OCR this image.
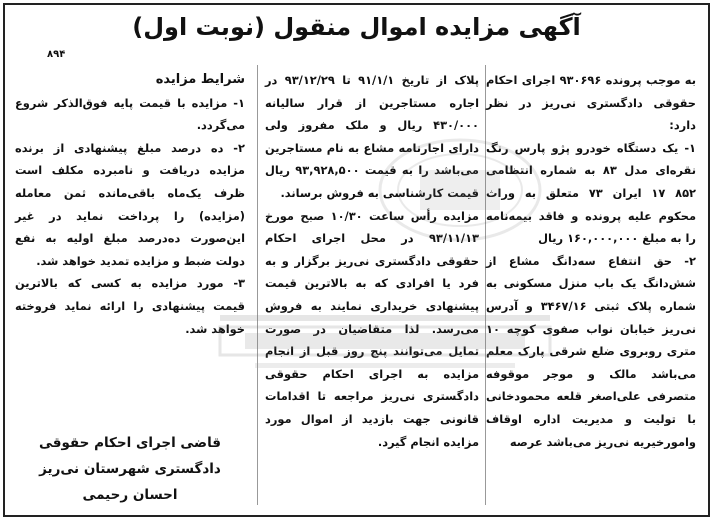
آگهی مزایده اموال منقول (نوبت اول)
۸۹۴

به موجب پرونده ۹۳۰۶۹۶ اجرای احکام حقوقی دادگستری نی‌ریز در نظر دارد:

۱- یک دستگاه خودرو پژو پارس رنگ نقره‌ای مدل ۸۳ به شماره انتظامی ۸۵۲ ۱۷ ایران ۷۳ متعلق به وراث محکوم علیه پرونده و فاقد بیمه‌نامه را به مبلغ ۱۶۰,۰۰۰,۰۰۰ ریال

۲- حق انتفاع سه‌دانگ مشاع از شش‌دانگ یک باب منزل مسکونی به شماره پلاک ثبتی ۳۴۶۷/۱۶ و آدرس نی‌ریز خیابان نواب صفوی کوچه ۱۰ متری روبروی ضلع شرقی پارک معلم می‌باشد مالک و موجر موقوفه متصرفی علی‌اصغر قلعه محمودخانی با تولیت و مدیریت اداره اوقاف وامورخیریه نی‌ریز می‌باشد عرصه

پلاک از تاریخ ۹۱/۱/۱ تا ۹۳/۱۲/۲۹ در اجاره مستاجرین از قرار سالیانه ۴۳۰/۰۰۰ ریال و ملک مفروز ولی دارای اجارنامه مشاع به نام مستاجرین می‌باشد را به قیمت ۹۳,۹۲۸,۵۰۰ ریال قیمت کارشناسی به فروش برساند.

مزایده رأس ساعت ۱۰/۳۰ صبح مورخ ۹۳/۱۱/۱۳ در محل اجرای احکام حقوقی دادگستری نی‌ریز برگزار و به فرد یا افرادی که به بالاترین قیمت پیشنهادی خریداری نمایند به فروش می‌رسد. لذا متقاضیان در صورت تمایل می‌توانند پنج روز قبل از انجام مزایده به اجرای احکام حقوقی دادگستری نی‌ریز مراجعه تا اقدامات قانونی جهت بازدید از اموال مورد مزایده انجام گیرد.

شرایط مزایده

۱- مزایده با قیمت پایه فوق‌الذکر شروع می‌گردد.

۲- ده درصد مبلغ پیشنهادی از برنده مزایده دریافت و نامبرده مکلف است ظرف یک‌ماه باقی‌مانده ثمن معامله (مزایده) را پرداخت نماید در غیر این‌صورت ده‌درصد مبلغ اولیه به نفع دولت ضبط و مزایده تمدید خواهد شد.

۳- مورد مزایده به کسی که بالاترین قیمت پیشنهادی را ارائه نماید فروخته خواهد شد.

قاضی اجرای احکام حقوقی
دادگستری شهرستان نی‌ریز
احسان رحیمی
